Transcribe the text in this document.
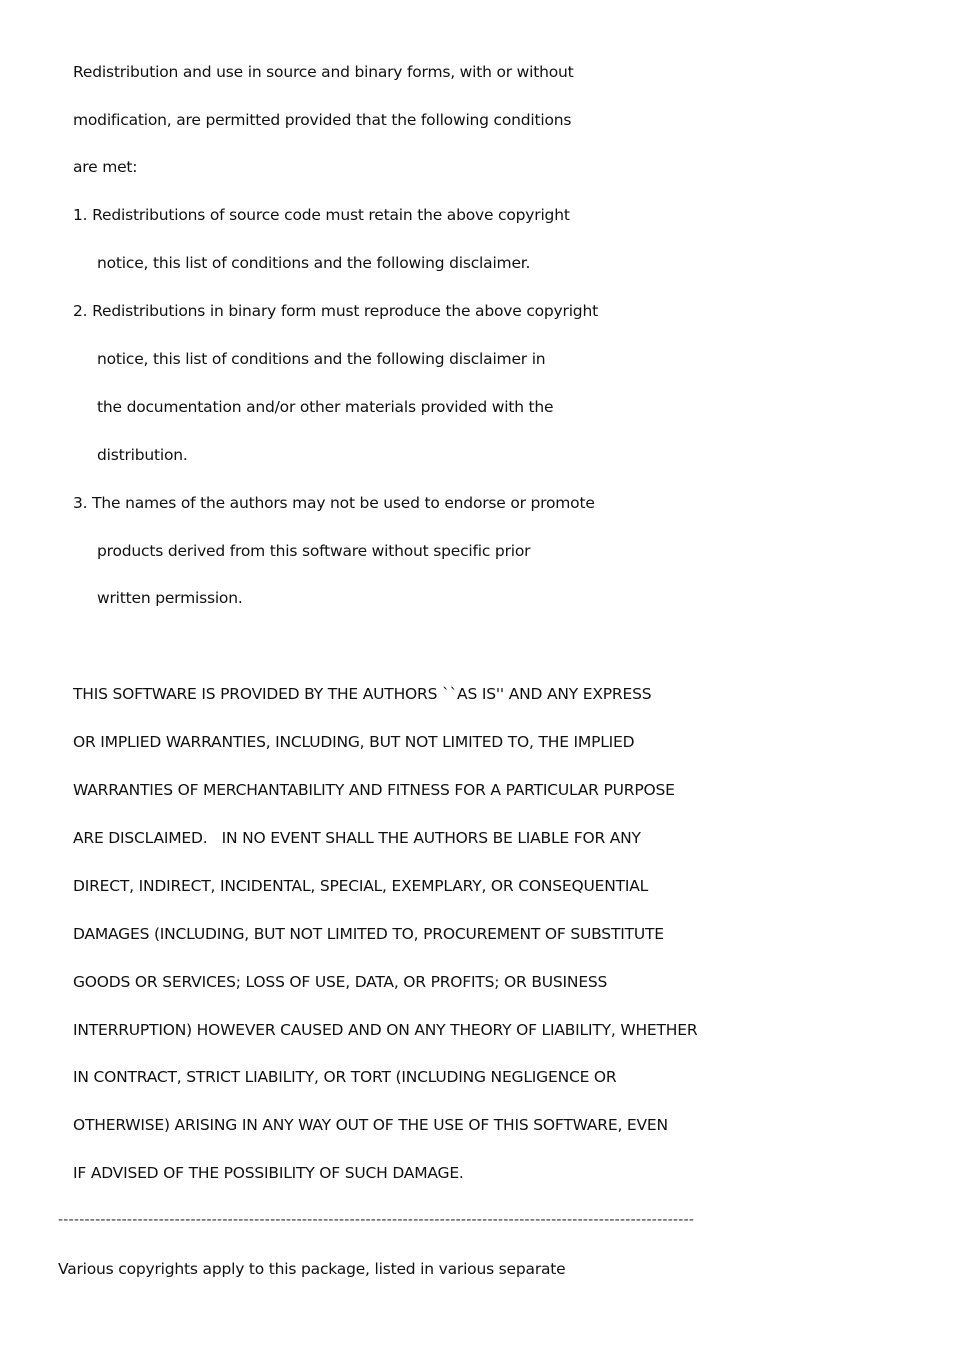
Redistribution and use in source and binary forms, with or without
modification, are permitted provided that the following conditions
are met:
1. Redistributions of source code must retain the above copyright
notice, this list of conditions and the following disclaimer.
2. Redistributions in binary form must reproduce the above copyright
notice, this list of conditions and the following disclaimer in
the documentation and/or other materials provided with the
distribution.
3. The names of the authors may not be used to endorse or promote
products derived from this software without specific prior
written permission.
THIS SOFTWARE IS PROVIDED BY THE AUTHORS ``AS IS'' AND ANY EXPRESS
OR IMPLIED WARRANTIES, INCLUDING, BUT NOT LIMITED TO, THE IMPLIED
WARRANTIES OF MERCHANTABILITY AND FITNESS FOR A PARTICULAR PURPOSE
ARE DISCLAIMED.   IN NO EVENT SHALL THE AUTHORS BE LIABLE FOR ANY
DIRECT, INDIRECT, INCIDENTAL, SPECIAL, EXEMPLARY, OR CONSEQUENTIAL
DAMAGES (INCLUDING, BUT NOT LIMITED TO, PROCUREMENT OF SUBSTITUTE
GOODS OR SERVICES; LOSS OF USE, DATA, OR PROFITS; OR BUSINESS
INTERRUPTION) HOWEVER CAUSED AND ON ANY THEORY OF LIABILITY, WHETHER
IN CONTRACT, STRICT LIABILITY, OR TORT (INCLUDING NEGLIGENCE OR
OTHERWISE) ARISING IN ANY WAY OUT OF THE USE OF THIS SOFTWARE, EVEN
IF ADVISED OF THE POSSIBILITY OF SUCH DAMAGE.
------------------------------------------------------------------------------------------------------------------------
Various copyrights apply to this package, listed in various separate
